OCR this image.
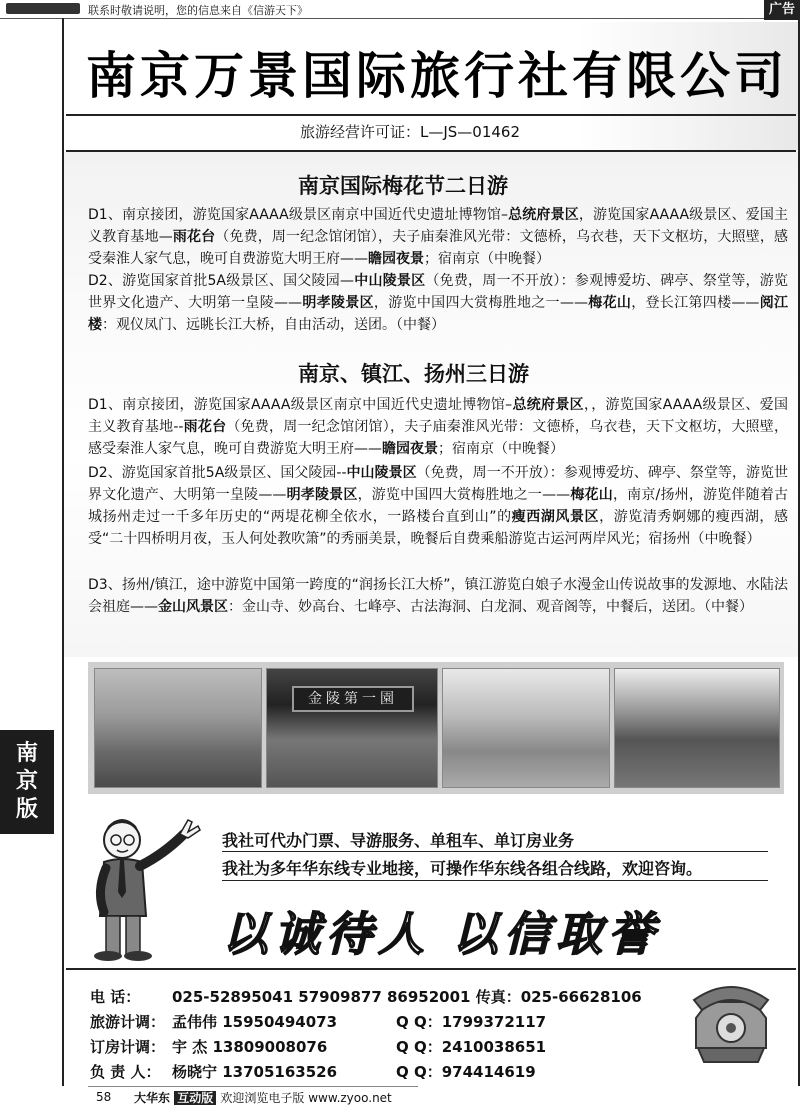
联系时敬请说明，您的信息来自《信游天下》	广告
南京万景国际旅行社有限公司
旅游经营许可证：L—JS—01462
南京国际梅花节二日游
D1、南京接团，游览国家AAAA级景区南京中国近代史遗址博物馆–总统府景区，游览国家AAAA级景区、爱国主义教育基地—雨花台（免费，周一纪念馆闭馆），夫子庙秦淮风光带：文德桥，乌衣巷，天下文枢坊，大照壁，感受秦淮人家气息，晚可自费游览大明王府——瞻园夜景；宿南京（中晚餐）
D2、游览国家首批5A级景区、国父陵园—中山陵景区（免费，周一不开放）：参观博爱坊、碑亭、祭堂等，游览世界文化遗产、大明第一皇陵——明孝陵景区，游览中国四大赏梅胜地之一——梅花山，登长江第四楼——阅江楼：观仪凤门、远眺长江大桥，自由活动，送团。（中餐）
南京、镇江、扬州三日游
D1、南京接团，游览国家AAAA级景区南京中国近代史遗址博物馆–总统府景区，，游览国家AAAA级景区、爱国主义教育基地--雨花台（免费，周一纪念馆闭馆），夫子庙秦淮风光带：文德桥，乌衣巷，天下文枢坊，大照壁，感受秦淮人家气息，晚可自费游览大明王府——瞻园夜景；宿南京（中晚餐）
D2、游览国家首批5A级景区、国父陵园--中山陵景区（免费，周一不开放）：参观博爱坊、碑亭、祭堂等，游览世界文化遗产、大明第一皇陵——明孝陵景区，游览中国四大赏梅胜地之一——梅花山，南京/扬州，游览伴随着古城扬州走过一千多年历史的“两堤花柳全依水，一路楼台直到山”的瘦西湖风景区，游览清秀婀娜的瘦西湖，感受“二十四桥明月夜，玉人何处教吹箫”的秀丽美景，晚餐后自费乘船游览古运河两岸风光；宿扬州（中晚餐）
D3、扬州/镇江，途中游览中国第一跨度的“润扬长江大桥”，镇江游览白娘子水漫金山传说故事的发源地、水陆法会祖庭——金山风景区：金山寺、妙高台、七峰亭、古法海洞、白龙洞、观音阁等，中餐后，送团。（中餐）
金陵第一園
南
京
版
我社可代办门票、导游服务、单租车、单订房业务
我社为多年华东线专业地接，可操作华东线各组合线路，欢迎咨询。
以诚待人 以信取誉
电 话： 025-52895041 57909877 86952001 传真：025-66628106
旅游计调： 孟伟伟 15950494073	Q Q：1799372117
订房计调： 宇 杰 13809008076	Q Q：2410038651
负 责 人： 杨晓宁 13705163526	Q Q：974414619
58 大华东 互动版 欢迎浏览电子版 www.zyoo.net
